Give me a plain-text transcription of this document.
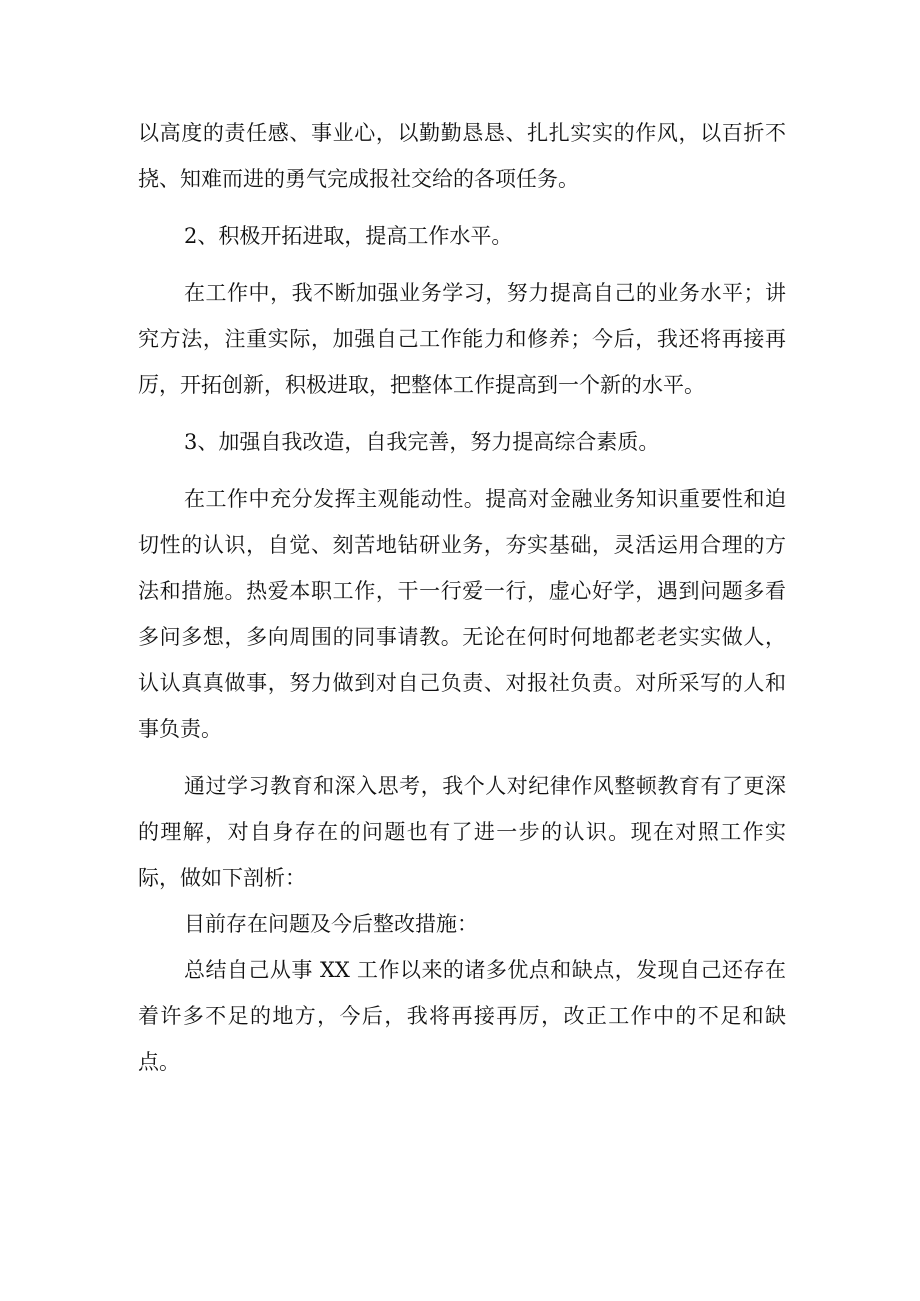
以高度的责任感、事业心，以勤勤恳恳、扎扎实实的作风，以百折不挠、知难而进的勇气完成报社交给的各项任务。

2、积极开拓进取，提高工作水平。

在工作中，我不断加强业务学习，努力提高自己的业务水平；讲究方法，注重实际，加强自己工作能力和修养；今后，我还将再接再厉，开拓创新，积极进取，把整体工作提高到一个新的水平。

3、加强自我改造，自我完善，努力提高综合素质。

在工作中充分发挥主观能动性。提高对金融业务知识重要性和迫切性的认识，自觉、刻苦地钻研业务，夯实基础，灵活运用合理的方法和措施。热爱本职工作，干一行爱一行，虚心好学，遇到问题多看多问多想，多向周围的同事请教。无论在何时何地都老老实实做人，认认真真做事，努力做到对自己负责、对报社负责。对所采写的人和事负责。

通过学习教育和深入思考，我个人对纪律作风整顿教育有了更深的理解，对自身存在的问题也有了进一步的认识。现在对照工作实际，做如下剖析：

目前存在问题及今后整改措施：

总结自己从事 XX 工作以来的诸多优点和缺点，发现自己还存在着许多不足的地方，今后，我将再接再厉，改正工作中的不足和缺点。
